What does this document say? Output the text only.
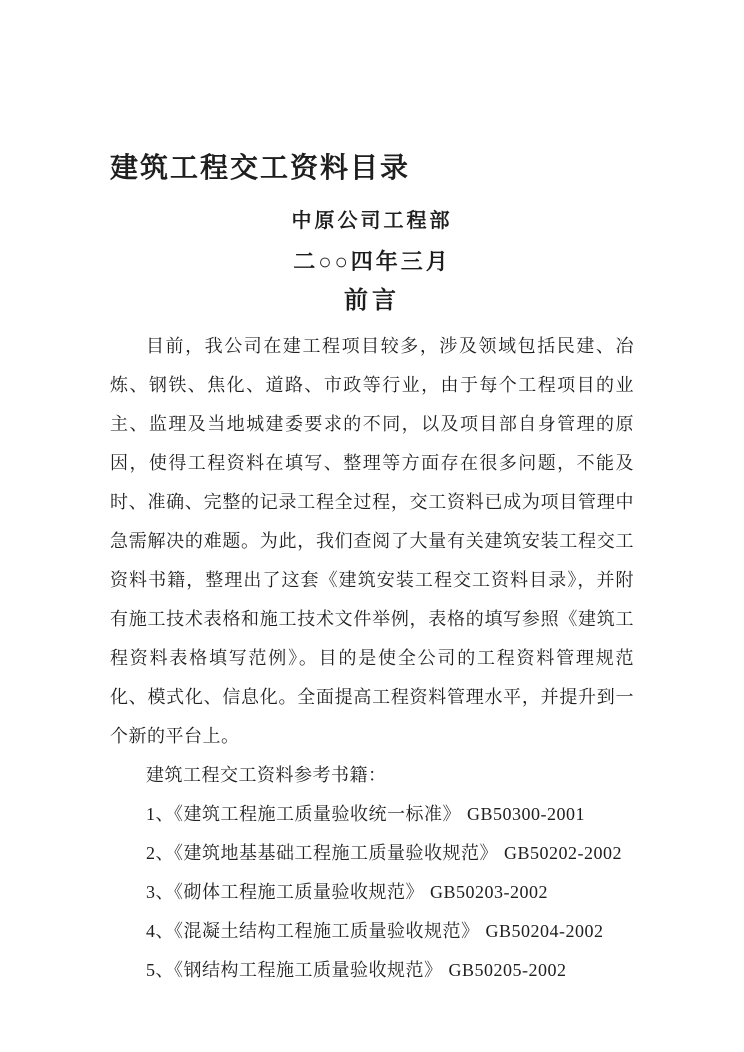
建筑工程交工资料目录
中原公司工程部
二○○四年三月
前言

目前，我公司在建工程项目较多，涉及领域包括民建、冶炼、钢铁、焦化、道路、市政等行业，由于每个工程项目的业主、监理及当地城建委要求的不同，以及项目部自身管理的原因，使得工程资料在填写、整理等方面存在很多问题，不能及时、准确、完整的记录工程全过程，交工资料已成为项目管理中急需解决的难题。为此，我们查阅了大量有关建筑安装工程交工资料书籍，整理出了这套《建筑安装工程交工资料目录》，并附有施工技术表格和施工技术文件举例，表格的填写参照《建筑工程资料表格填写范例》。目的是使全公司的工程资料管理规范化、模式化、信息化。全面提高工程资料管理水平，并提升到一个新的平台上。

建筑工程交工资料参考书籍：

1、《建筑工程施工质量验收统一标准》 GB50300-2001
2、《建筑地基基础工程施工质量验收规范》 GB50202-2002
3、《砌体工程施工质量验收规范》 GB50203-2002
4、《混凝土结构工程施工质量验收规范》 GB50204-2002
5、《钢结构工程施工质量验收规范》 GB50205-2002
